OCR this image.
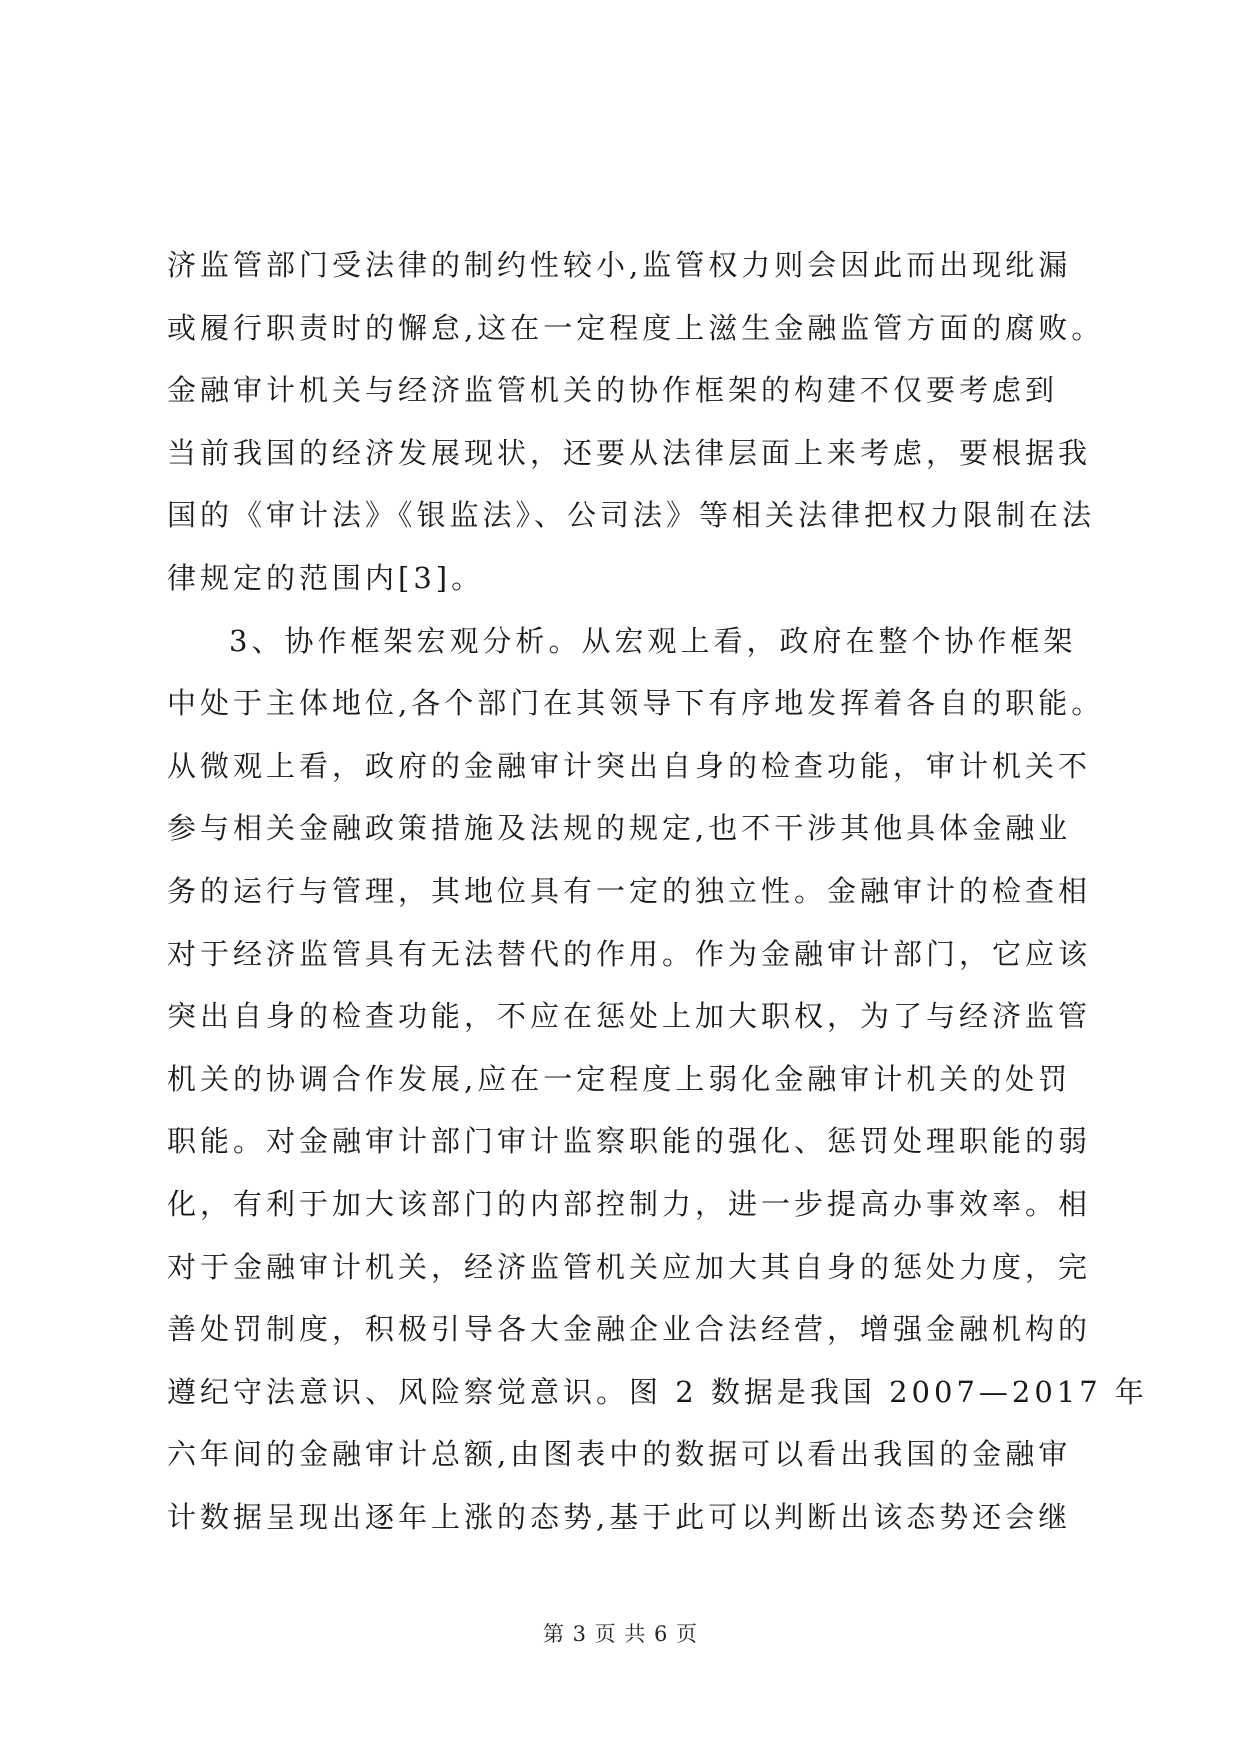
济监管部门受法律的制约性较小,监管权力则会因此而出现纰漏
或履行职责时的懈怠,这在一定程度上滋生金融监管方面的腐败。
金融审计机关与经济监管机关的协作框架的构建不仅要考虑到
当前我国的经济发展现状，还要从法律层面上来考虑，要根据我
国的《审计法》《银监法》、公司法》等相关法律把权力限制在法
律规定的范围内[3]。
3、协作框架宏观分析。从宏观上看，政府在整个协作框架
中处于主体地位,各个部门在其领导下有序地发挥着各自的职能。
从微观上看，政府的金融审计突出自身的检查功能，审计机关不
参与相关金融政策措施及法规的规定,也不干涉其他具体金融业
务的运行与管理，其地位具有一定的独立性。金融审计的检查相
对于经济监管具有无法替代的作用。作为金融审计部门，它应该
突出自身的检查功能，不应在惩处上加大职权，为了与经济监管
机关的协调合作发展,应在一定程度上弱化金融审计机关的处罚
职能。对金融审计部门审计监察职能的强化、惩罚处理职能的弱
化，有利于加大该部门的内部控制力，进一步提高办事效率。相
对于金融审计机关，经济监管机关应加大其自身的惩处力度，完
善处罚制度，积极引导各大金融企业合法经营，增强金融机构的
遵纪守法意识、风险察觉意识。图 2 数据是我国 2007—2017 年
六年间的金融审计总额,由图表中的数据可以看出我国的金融审
计数据呈现出逐年上涨的态势,基于此可以判断出该态势还会继
第 3 页 共 6 页
